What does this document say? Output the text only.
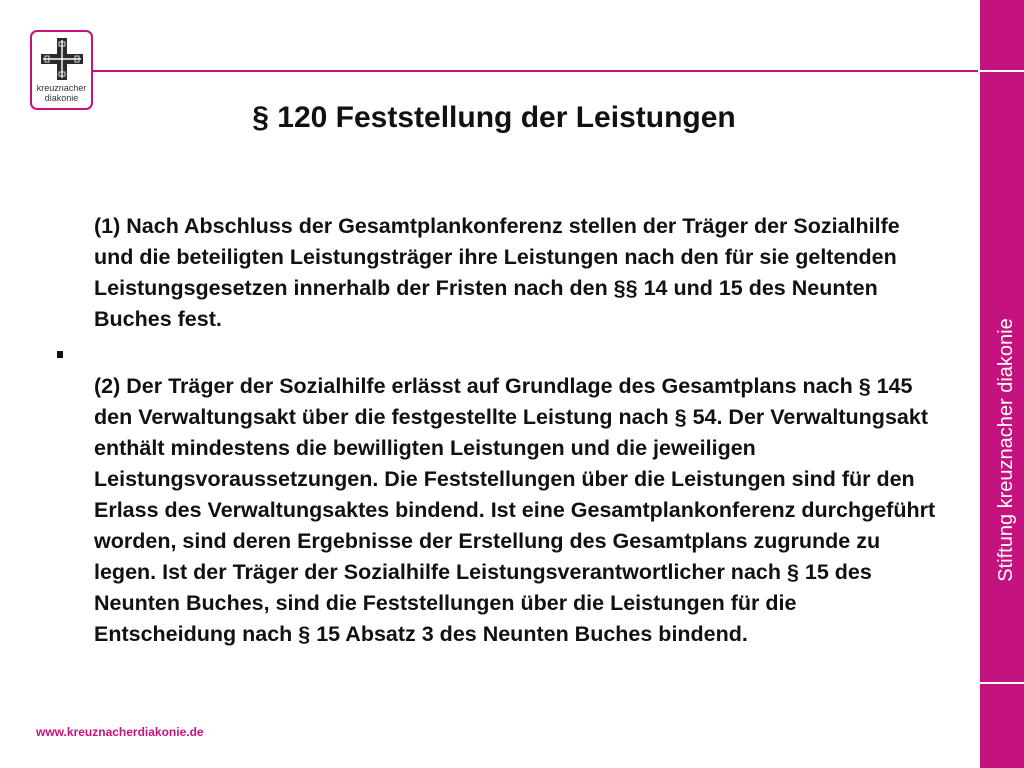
kreuznacher
diakonie
Stiftung kreuznacher diakonie
§ 120 Feststellung der Leistungen

(1) Nach Abschluss der Gesamtplankonferenz stellen der Träger der Sozialhilfe und die beteiligten Leistungsträger ihre Leistungen nach den für sie geltenden Leistungsgesetzen innerhalb der Fristen nach den §§ 14 und 15 des Neunten Buches fest.

(2) Der Träger der Sozialhilfe erlässt auf Grundlage des Gesamtplans nach § 145 den Verwaltungsakt über die festgestellte Leistung nach § 54. Der Verwaltungsakt enthält mindestens die bewilligten Leistungen und die jeweiligen Leistungsvoraussetzungen. Die Feststellungen über die Leistungen sind für den Erlass des Verwaltungsaktes bindend. Ist eine Gesamtplankonferenz durchgeführt worden, sind deren Ergebnisse der Erstellung des Gesamtplans zugrunde zu legen. Ist der Träger der Sozialhilfe Leistungsverantwortlicher nach § 15 des Neunten Buches, sind die Feststellungen über die Leistungen für die Entscheidung nach § 15 Absatz 3 des Neunten Buches bindend.

www.kreuznacherdiakonie.de
